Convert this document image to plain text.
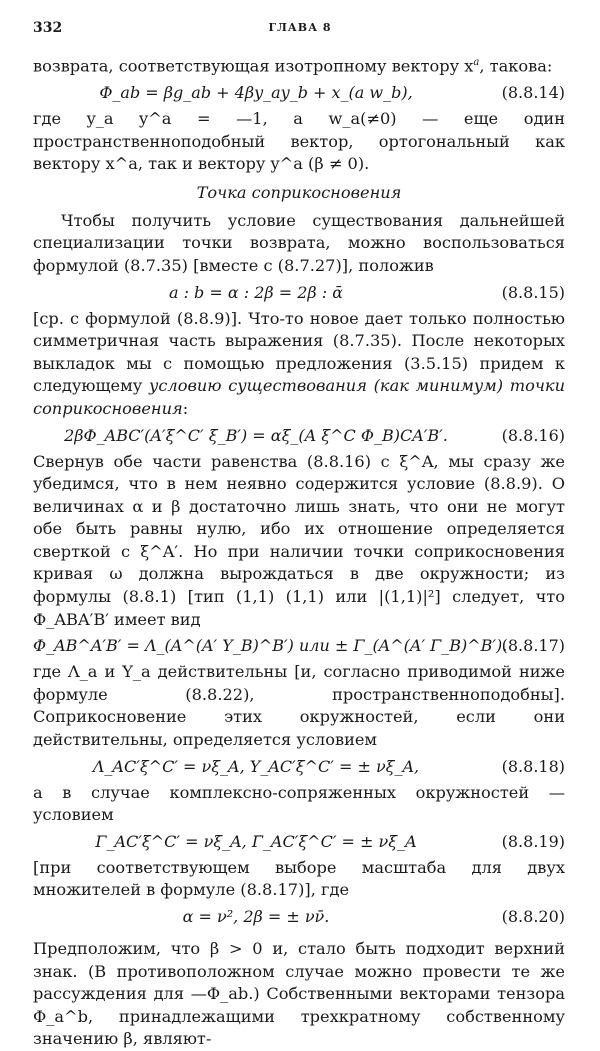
332	ГЛАВА 8

возврата, соответствующая изотропному вектору $x^a$, такова:

Φ_ab = βg_ab + 4βy_ay_b + x_(a w_b),	(8.8.14)

где y_a y^a = —1, а w_a(≠0) — еще один пространственноподобный вектор, ортогональный как вектору x^a, так и вектору y^a (β ≠ 0).

Точка соприкосновения

Чтобы получить условие существования дальнейшей специализации точки возврата, можно воспользоваться формулой (8.7.35) [вместе с (8.7.27)], положив

a : b = α : 2β = 2β : ᾱ	(8.8.15)

[ср. с формулой (8.8.9)]. Что-то новое дает только полностью симметричная часть выражения (8.7.35). После некоторых выкладок мы с помощью предложения (3.5.15) придем к следующему условию существования (как минимум) точки соприкосновения:

2βΦ_ABC′(A′ξ^C′ ξ_B′) = αξ_(A ξ^C Φ_B)CA′B′.	(8.8.16)

Свернув обе части равенства (8.8.16) с ξ^A, мы сразу же убедимся, что в нем неявно содержится условие (8.8.9). О величинах α и β достаточно лишь знать, что они не могут обе быть равны нулю, ибо их отношение определяется сверткой с ξ^A′. Но при наличии точки соприкосновения кривая ω должна вырождаться в две окружности; из формулы (8.8.1) [тип (1,1) (1,1) или |(1,1)|²] следует, что Φ_ABA′B′ имеет вид

Φ_AB^A′B′ = Λ_(A^(A′ Υ_B)^B′) или ± Γ_(A^(A′ Γ̄_B)^B′).
(8.8.17)

где Λ_a и Υ_a действительны [и, согласно приводимой ниже формуле (8.8.22), пространственноподобны]. Соприкосновение этих окружностей, если они действительны, определяется условием

Λ_AC′ξ^C′ = νξ_A, Υ_AC′ξ^C′ = ± νξ_A,	(8.8.18)

а в случае комплексно-сопряженных окружностей — условием

Γ_AC′ξ^C′ = νξ_A, Γ̄_AC′ξ^C′ = ± νξ_A	(8.8.19)

[при соответствующем выборе масштаба для двух множителей в формуле (8.8.17)], где

α = ν², 2β = ± νν̄.	(8.8.20)

Предположим, что β > 0 и, стало быть подходит верхний знак. (В противоположном случае можно провести те же рассуждения для —Φ_ab.) Собственными векторами тензора Φ_a^b, принадлежащими трехкратному собственному значению β, являют-
